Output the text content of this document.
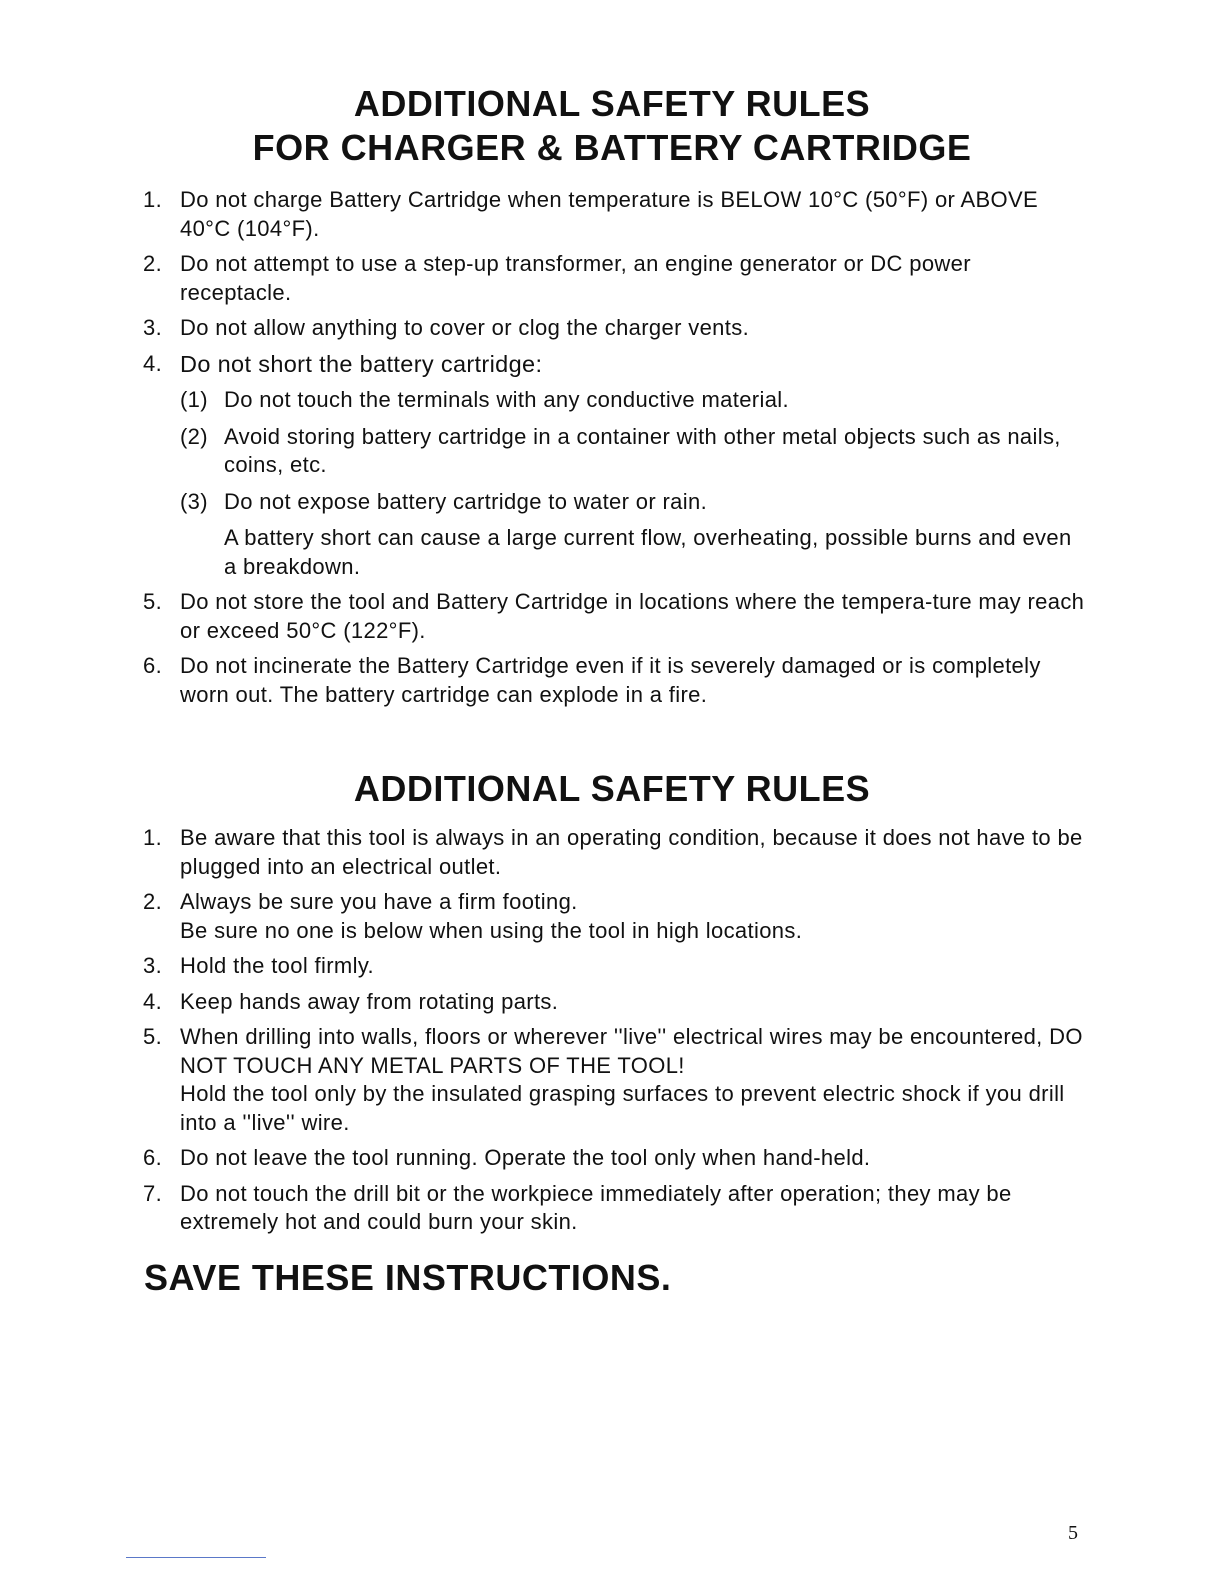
ADDITIONAL SAFETY RULES
FOR CHARGER & BATTERY CARTRIDGE
1. Do not charge Battery Cartridge when temperature is BELOW 10°C (50°F) or ABOVE 40°C (104°F).
2. Do not attempt to use a step-up transformer, an engine generator or DC power receptacle.
3. Do not allow anything to cover or clog the charger vents.
4. Do not short the battery cartridge:
(1) Do not touch the terminals with any conductive material.
(2) Avoid storing battery cartridge in a container with other metal objects such as nails, coins, etc.
(3) Do not expose battery cartridge to water or rain.

A battery short can cause a large current flow, overheating, possible burns and even a breakdown.

5. Do not store the tool and Battery Cartridge in locations where the tempera-ture may reach or exceed 50°C (122°F).
6. Do not incinerate the Battery Cartridge even if it is severely damaged or is completely worn out. The battery cartridge can explode in a fire.
ADDITIONAL SAFETY RULES
1. Be aware that this tool is always in an operating condition, because it does not have to be plugged into an electrical outlet.
2. Always be sure you have a firm footing.
Be sure no one is below when using the tool in high locations.
3. Hold the tool firmly.
4. Keep hands away from rotating parts.
5. When drilling into walls, floors or wherever ''live'' electrical wires may be encountered, DO NOT TOUCH ANY METAL PARTS OF THE TOOL!
Hold the tool only by the insulated grasping surfaces to prevent electric shock if you drill into a ''live'' wire.
6. Do not leave the tool running. Operate the tool only when hand-held.
7. Do not touch the drill bit or the workpiece immediately after operation; they may be extremely hot and could burn your skin.
SAVE THESE INSTRUCTIONS.
5
